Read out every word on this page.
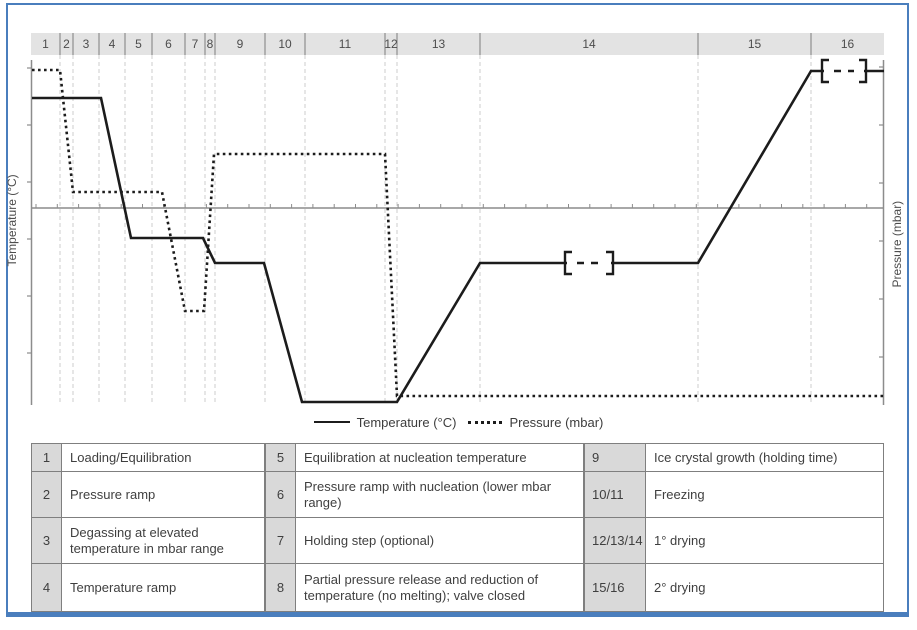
1 2 3 4 5 6 7 8 9	10	11	12	13	14	15	16
Temperature (°C)	Pressure (mbar)
Temperature (°C)	Pressure (mbar)
1	Loading/Equilibration
2	Pressure ramp
3	Degassing at elevated temperature in mbar range
4	Temperature ramp
5	Equilibration at nucleation temperature
6	Pressure ramp with nucleation (lower mbar range)
7	Holding step (optional)
8	Partial pressure release and reduction of temperature (no melting); valve closed
9	Ice crystal growth (holding time)
10/11	Freezing
12/13/14	1° drying
15/16	2° drying
